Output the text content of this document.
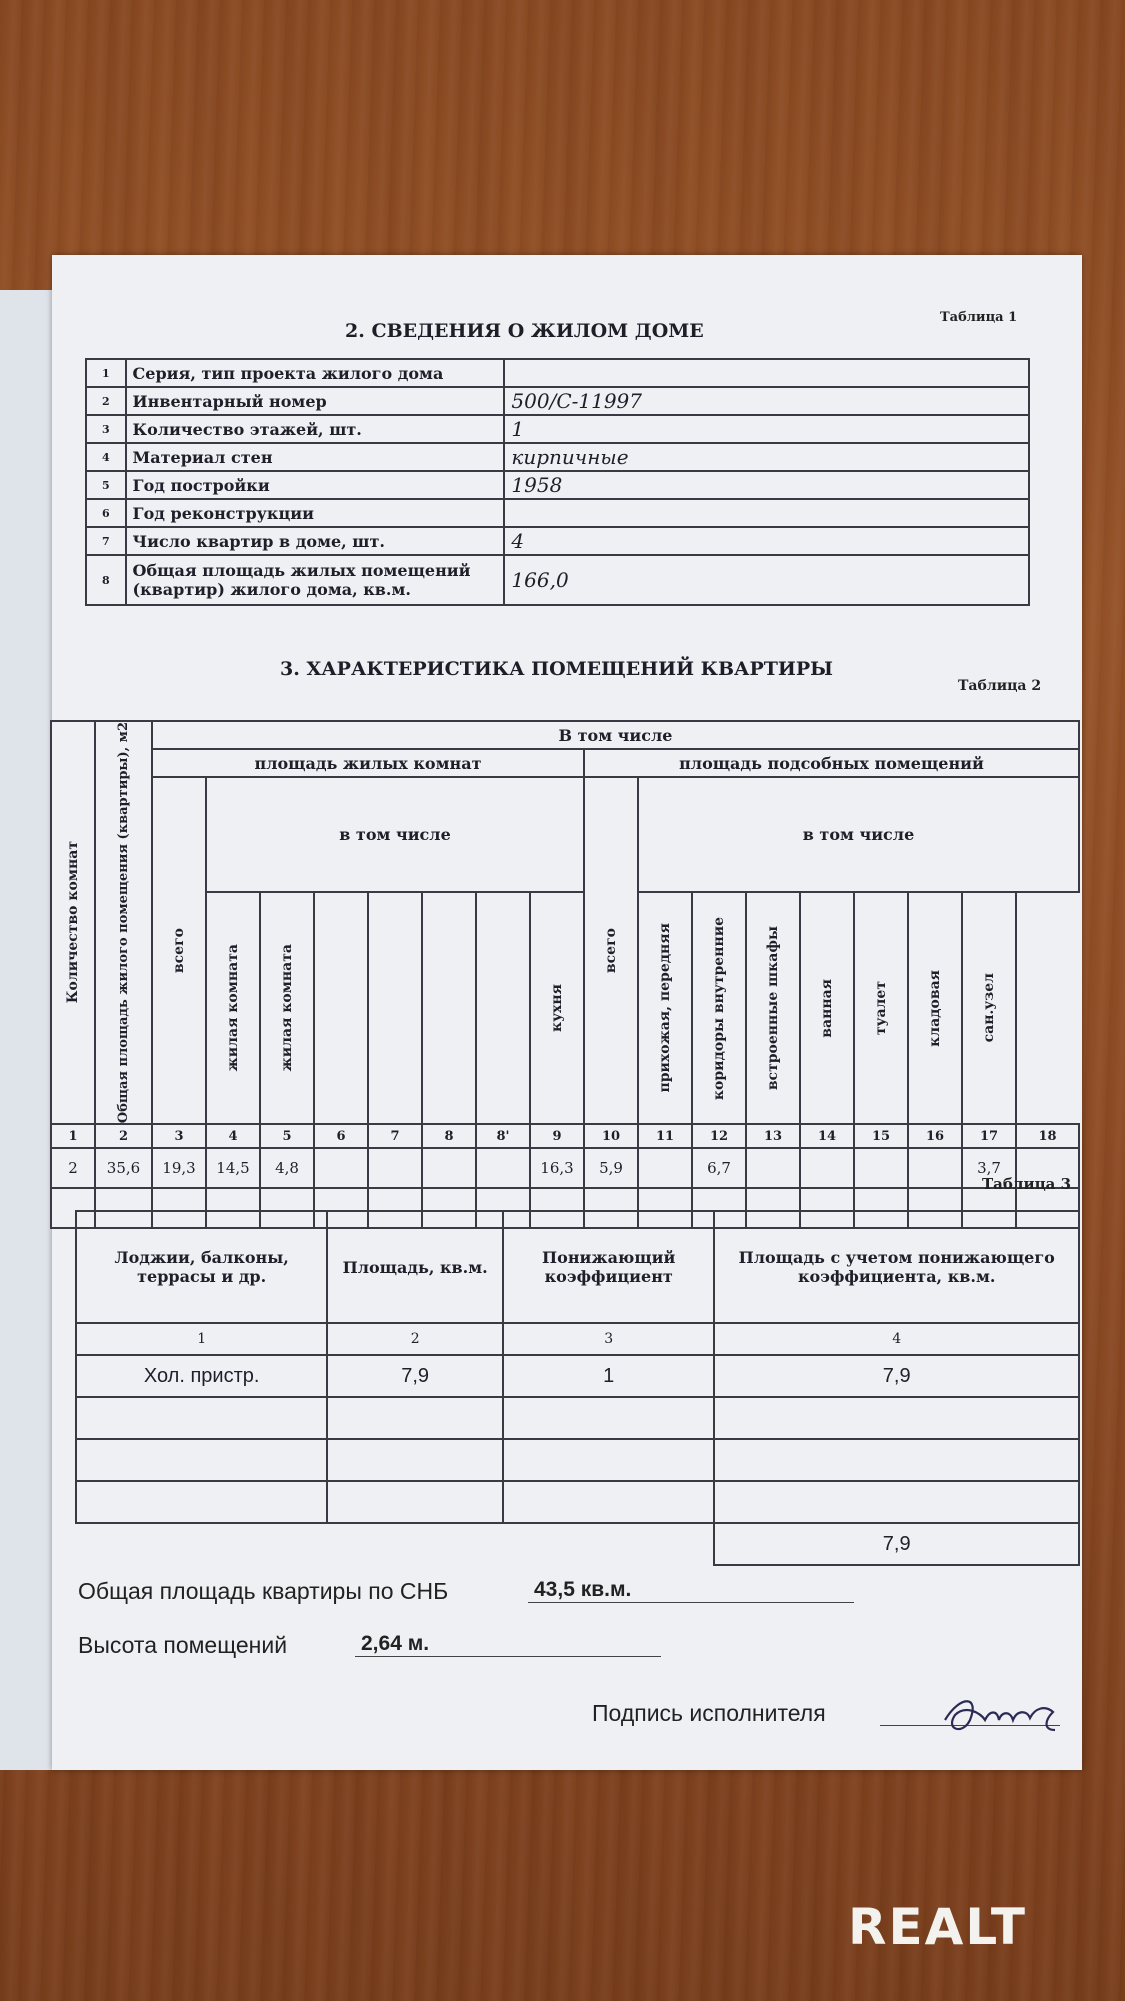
2. СВЕДЕНИЯ О ЖИЛОМ ДОМЕ
Таблица 1
1	Серия, тип проекта жилого дома	
2	Инвентарный номер	500/С-11997
3	Количество этажей, шт.	1
4	Материал стен	кирпичные
5	Год постройки	1958
6	Год реконструкции	
7	Число квартир в доме, шт.	4
8	Общая площадь жилых помещений (квартир) жилого дома, кв.м.	166,0
3. ХАРАКТЕРИСТИКА ПОМЕЩЕНИЙ КВАРТИРЫ
Таблица 2
Количество комнат	Общая площадь жилого помещения (квартиры), м2	В том числе																
		площадь жилых комнат								площадь подсобных помещений								

		всего	в том числе							всего	в том числе							

			жилая комната	жилая комната					кухня		прихожая, передняя	коридоры внутренние	встроенные шкафы	ванная	туалет	кладовая	сан.узел	

1	2	3	4	5	6	7	8	8'	9	10	11	12	13	14	15	16	17	18
2	35,6	19,3	14,5	4,8					16,3	5,9		6,7					3,7	

Таблица 3
Лоджии, балконы, террасы и др.	Площадь, кв.м.	Понижающий коэффициент	Площадь с учетом понижающего коэффициента, кв.м.
1	2	3	4
Хол. пристр.	7,9	1	7,9

			7,9
Общая площадь квартиры по СНБ	43,5 кв.м.
Высота помещений	2,64 м.
Подпись исполнителя
REALT
